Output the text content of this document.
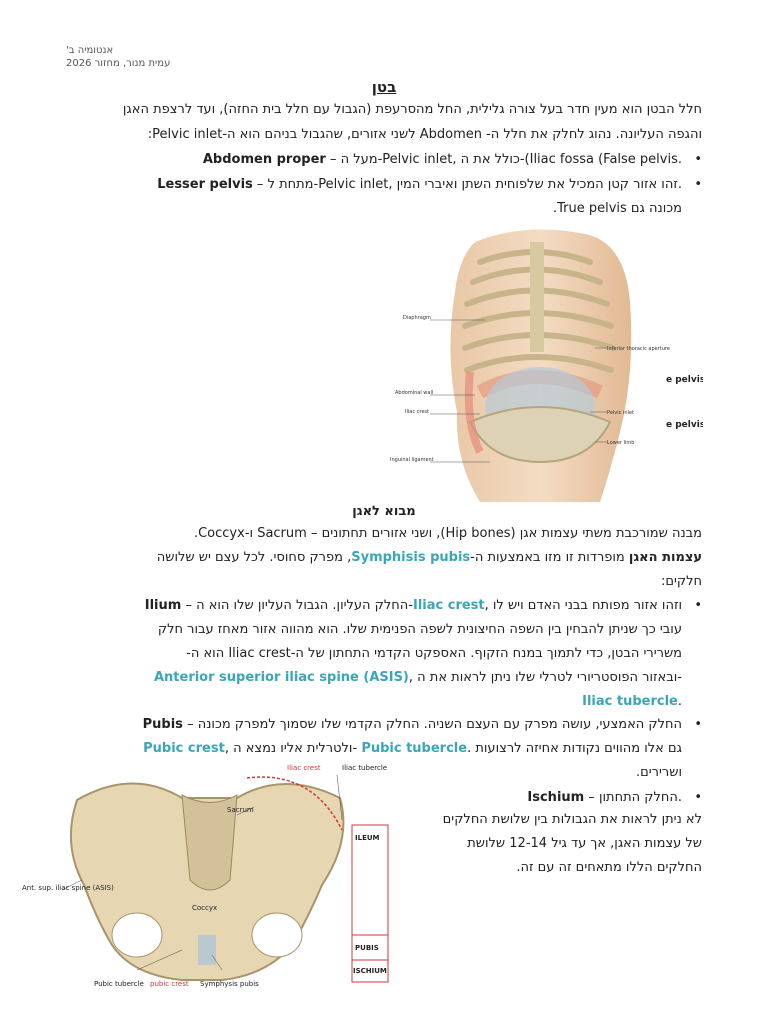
אנטומיה ב'
עמית מנור, מחזור 2026
בטן
חלל הבטן הוא מעין חדר בעל צורה גלילית, החל מהסרעפת (הגבול עם חלל בית החזה), ועד לרצפת האגן
והגפה העליונה. נהוג לחלק את חלל ה- Abdomen לשני אזורים, שהגבול בניהם הוא ה-Pelvic inlet:
•
Abdomen proper – מעל ה-Pelvic inlet, כולל את ה-(Iliac fossa (False pelvis.
•
Lesser pelvis – מתחת ל-Pelvic inlet, זהו אזור קטן המכיל את שלפוחית השתן ואיברי המין.
מכונה גם True pelvis.
Diaphragm
Abdominal wall
Iliac crest
Inguinal ligament
Inferior thoracic aperture
Pelvic inlet
Lower limb
e pelvis
e pelvis
מבוא לאגן
מבנה שמורכבת משתי עצמות אגן (Hip bones), ושני אזורים תחתונים – Sacrum ו-Coccyx.
עצמות האגן מופרדות זו מזו באמצעות ה-Symphisis pubis, מפרק סחוסי. לכל עצם יש שלושה
חלקים:
•
Ilium – החלק העליון. הגבול העליון שלו הוא ה-Iliac crest, וזהו אזור מפותח בבני האדם ויש לו
עובי כך שניתן להבחין בין השפה החיצונית לשפה הפנימית שלו. הוא מהווה אזור מאחז עבור חלק
משרירי הבטן, כדי לתמוך במנח הזקוף. האספקט הקדמי התחתון של ה-Iliac crest הוא ה-
Anterior superior iliac spine (ASIS), ובאזור הפוסטריורי לטרלי שלו ניתן לראות את ה-
Iliac tubercle.
•
Pubis – החלק האמצעי, עושה מפרק עם העצם השניה. החלק הקדמי שלו שסמוך למפרק מכונה
Pubic crest, ולטרלית אליו נמצא ה- Pubic tubercle. גם אלו מהווים נקודות אחיזה לרצועות
ושרירים.
•
Ischium – החלק התחתון.
לא ניתן לראות את הגבולות בין שלושת החלקים
של עצמות האגן, אך עד גיל 12-14 שלושת
החלקים הללו מתאחים זה עם זה.
Iliac crest	Iliac tubercle
Sacrum
Ant. sup. iliac spine (ASIS)
Coccyx
Pubic tubercle pubic crest Symphysis pubis
ILEUM
PUBIS
ISCHIUM
